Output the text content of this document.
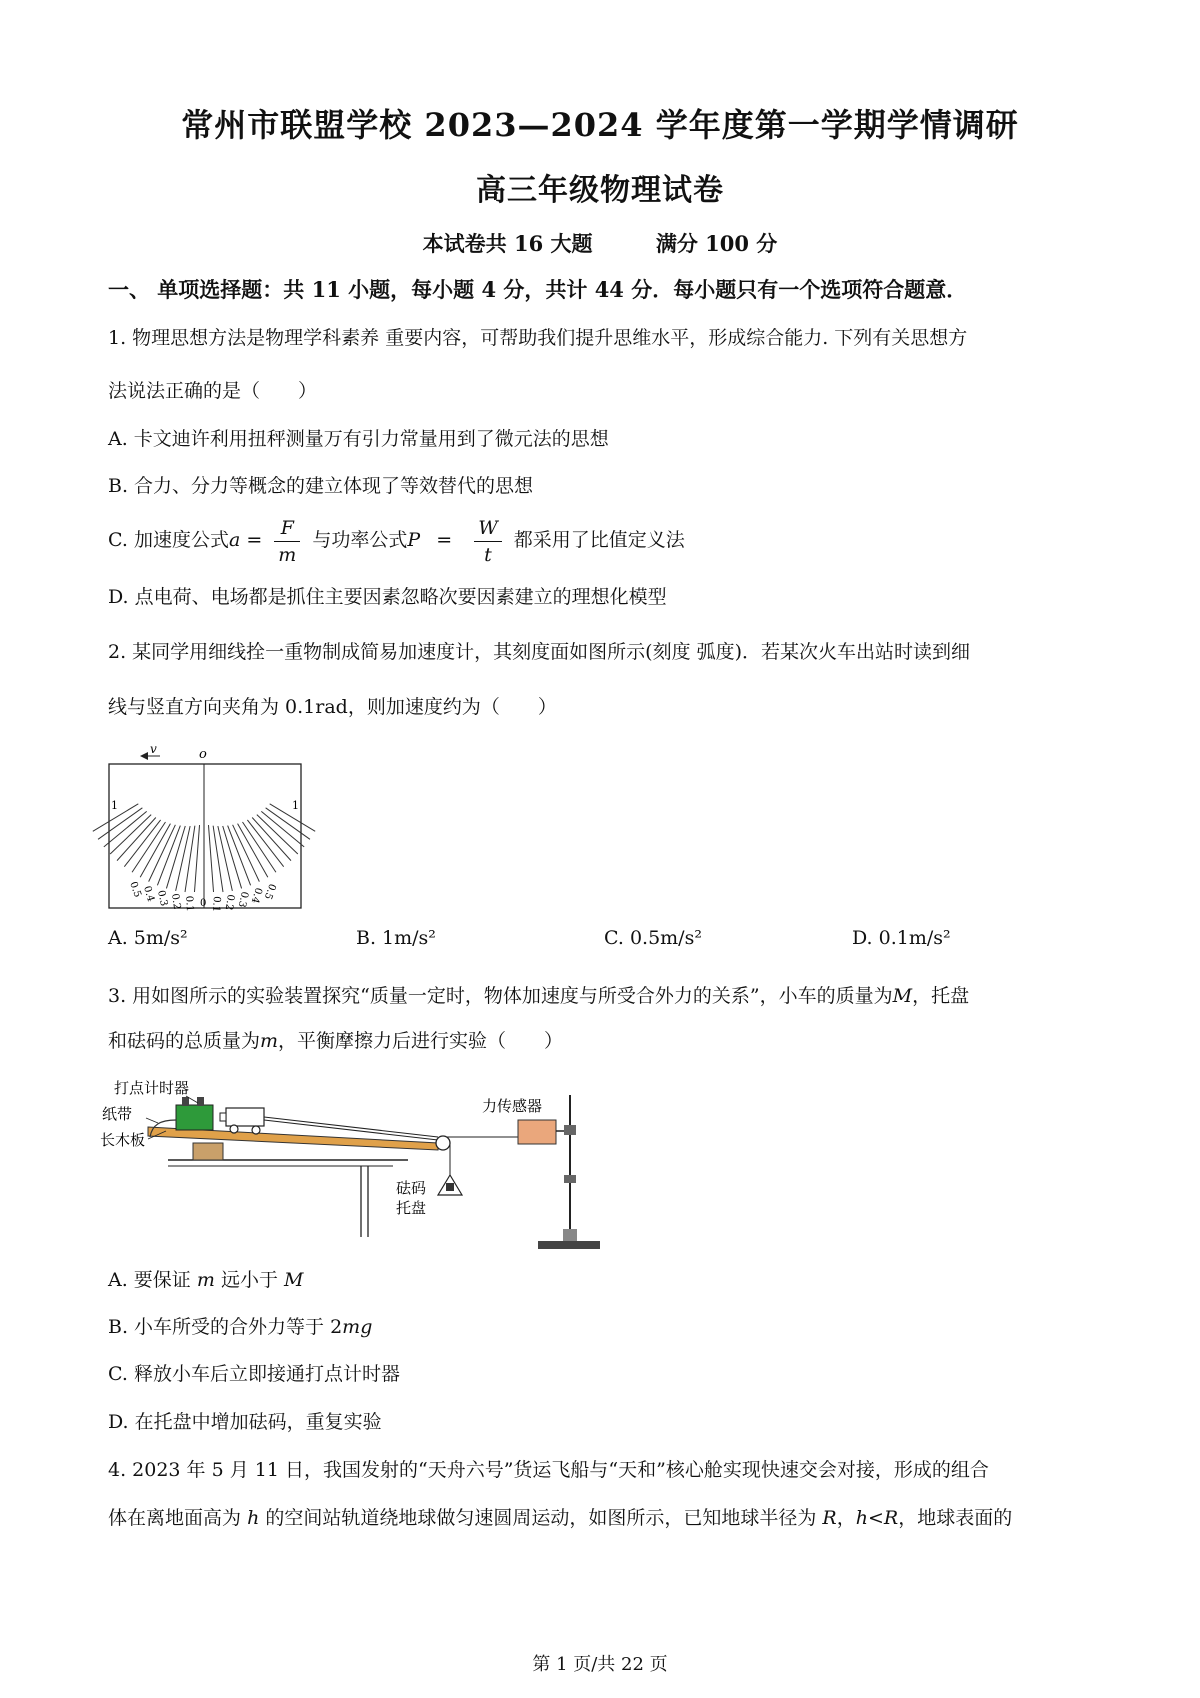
常州市联盟学校 2023—2024 学年度第一学期学情调研
高三年级物理试卷
本试卷共 16 大题	满分 100 分
一、 单项选择题：共 11 小题，每小题 4 分，共计 44 分．每小题只有一个选项符合题意．
1. 物理思想方法是物理学科素养 重要内容，可帮助我们提升思维水平，形成综合能力. 下列有关思想方
法说法正确的是（　　）
A. 卡文迪许利用扭秤测量万有引力常量用到了微元法的思想
B. 合力、分力等概念的建立体现了等效替代的思想
C. 加速度公式$a = \frac{F}{m}$ 与功率公式$P = \frac{W}{t}$ 都采用了比值定义法
D. 点电荷、电场都是抓住主要因素忽略次要因素建立的理想化模型
2. 某同学用细线拴一重物制成简易加速度计，其刻度面如图所示(刻度 弧度)．若某次火车出站时读到细
线与竖直方向夹角为 0.1rad，则加速度约为（　　）
v	o
1	1
0.5
0.4
0.3 0.2 0.1 0 0.1 0.2 0.3
0.4
0.5
A. 5m/s²	B. 1m/s²	C. 0.5m/s²	D. 0.1m/s²
3. 用如图所示的实验装置探究“质量一定时，物体加速度与所受合外力的关系”，小车的质量为M，托盘
和砝码的总质量为m，平衡摩擦力后进行实验（　　）
打点计时器
纸带
长木板
力传感器
砝码
托盘
A. 要保证 m 远小于 M
B. 小车所受的合外力等于 2mg
C. 释放小车后立即接通打点计时器
D. 在托盘中增加砝码，重复实验
4. 2023 年 5 月 11 日，我国发射的“天舟六号”货运飞船与“天和”核心舱实现快速交会对接，形成的组合
体在离地面高为 h 的空间站轨道绕地球做匀速圆周运动，如图所示，已知地球半径为 R，h<R，地球表面的
第 1 页/共 22 页
